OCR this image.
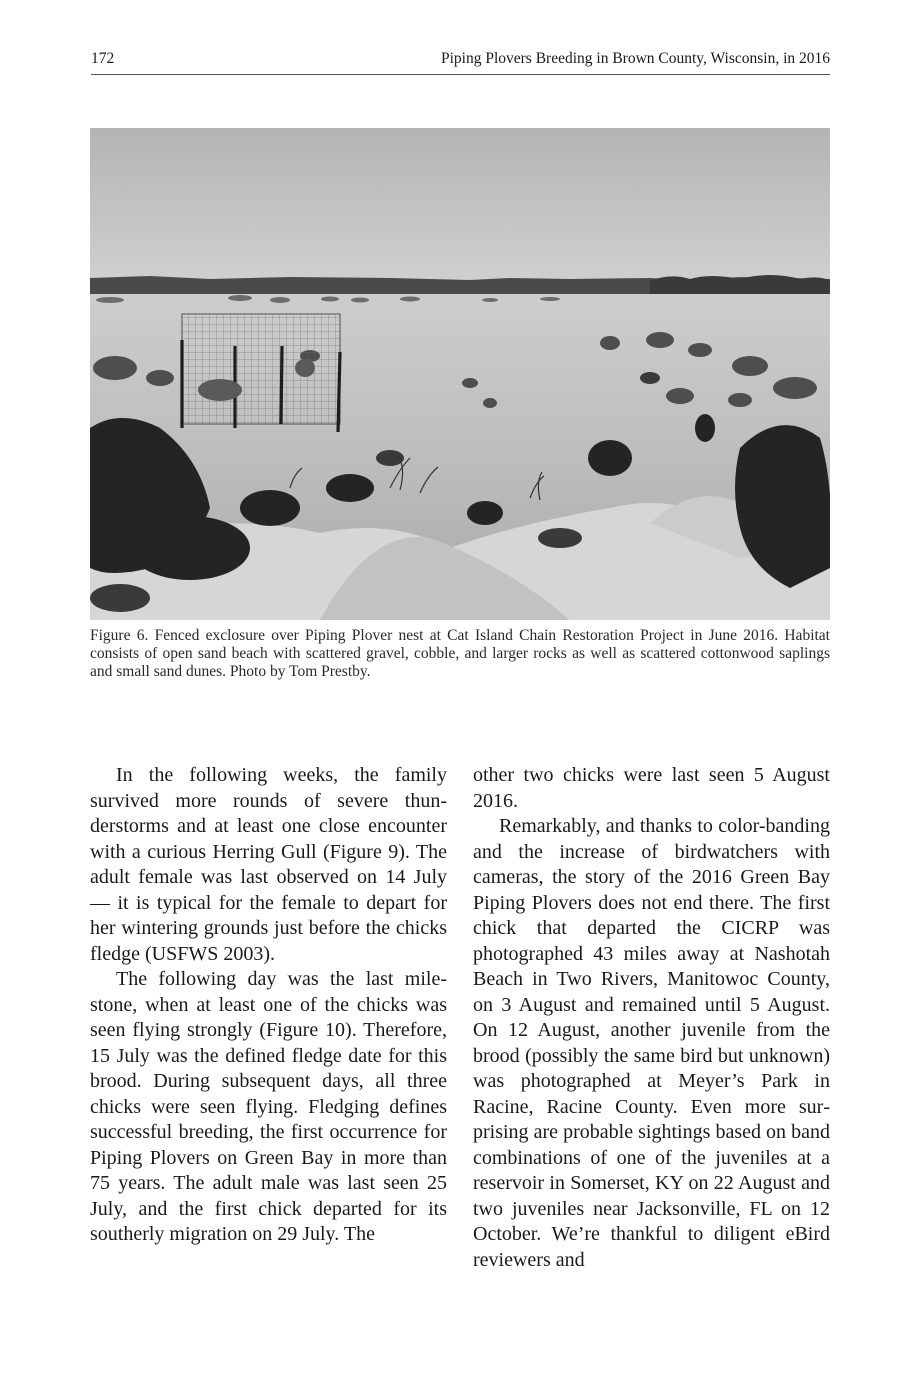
172	Piping Plovers Breeding in Brown County, Wisconsin, in 2016
Figure 6. Fenced exclosure over Piping Plover nest at Cat Island Chain Restoration Project in June 2016. Habitat consists of open sand beach with scattered gravel, cobble, and larger rocks as well as scattered cottonwood saplings and small sand dunes. Photo by Tom Prestby.

In the following weeks, the family survived more rounds of severe thunderstorms and at least one close encounter with a curious Herring Gull (Figure 9). The adult female was last observed on 14 July — it is typical for the female to depart for her wintering grounds just before the chicks fledge (USFWS 2003).

The following day was the last milestone, when at least one of the chicks was seen flying strongly (Figure 10). Therefore, 15 July was the defined fledge date for this brood. During subsequent days, all three chicks were seen flying. Fledging defines successful breeding, the first occurrence for Piping Plovers on Green Bay in more than 75 years. The adult male was last seen 25 July, and the first chick departed for its southerly migration on 29 July. The

other two chicks were last seen 5 August 2016.

Remarkably, and thanks to color-banding and the increase of birdwatchers with cameras, the story of the 2016 Green Bay Piping Plovers does not end there. The first chick that departed the CICRP was photographed 43 miles away at Nashotah Beach in Two Rivers, Manitowoc County, on 3 August and remained until 5 August. On 12 August, another juvenile from the brood (possibly the same bird but unknown) was photographed at Meyer’s Park in Racine, Racine County. Even more surprising are probable sightings based on band combinations of one of the juveniles at a reservoir in Somerset, KY on 22 August and two juveniles near Jacksonville, FL on 12 October. We’re thankful to diligent eBird reviewers and
